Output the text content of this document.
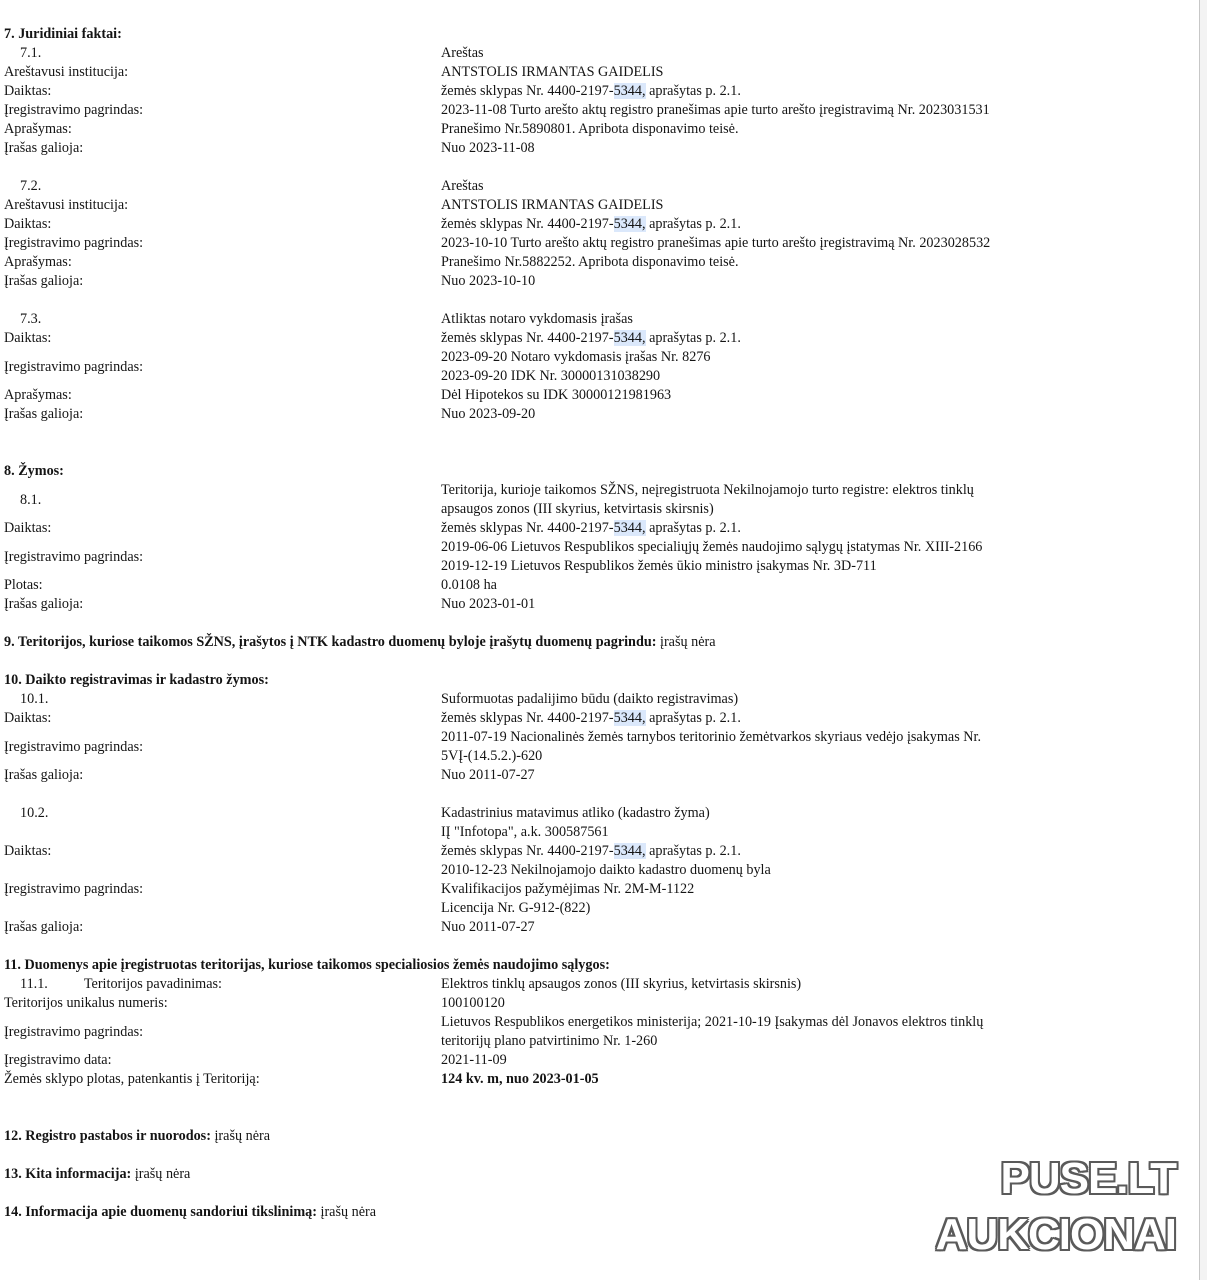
7. Juridiniai faktai:
7.1.	Areštas
Areštavusi institucija:	ANTSTOLIS IRMANTAS GAIDELIS
Daiktas:	žemės sklypas Nr. 4400-2197-5344, aprašytas p. 2.1.
Įregistravimo pagrindas:	2023-11-08 Turto arešto aktų registro pranešimas apie turto arešto įregistravimą Nr. 2023031531
Aprašymas:	Pranešimo Nr.5890801. Apribota disponavimo teisė.
Įrašas galioja:	Nuo 2023-11-08
7.2.	Areštas
Areštavusi institucija:	ANTSTOLIS IRMANTAS GAIDELIS
Daiktas:	žemės sklypas Nr. 4400-2197-5344, aprašytas p. 2.1.
Įregistravimo pagrindas:	2023-10-10 Turto arešto aktų registro pranešimas apie turto arešto įregistravimą Nr. 2023028532
Aprašymas:	Pranešimo Nr.5882252. Apribota disponavimo teisė.
Įrašas galioja:	Nuo 2023-10-10
7.3.	Atliktas notaro vykdomasis įrašas
Daiktas:	žemės sklypas Nr. 4400-2197-5344, aprašytas p. 2.1.
Įregistravimo pagrindas:
2023-09-20 Notaro vykdomasis įrašas Nr. 8276
2023-09-20 IDK Nr. 30000131038290
Aprašymas:	Dėl Hipotekos su IDK 30000121981963
Įrašas galioja:	Nuo 2023-09-20
8. Žymos:
8.1.
Teritorija, kurioje taikomos SŽNS, neįregistruota Nekilnojamojo turto registre: elektros tinklų
apsaugos zonos (III skyrius, ketvirtasis skirsnis)
Daiktas:	žemės sklypas Nr. 4400-2197-5344, aprašytas p. 2.1.
Įregistravimo pagrindas:
2019-06-06 Lietuvos Respublikos specialiųjų žemės naudojimo sąlygų įstatymas Nr. XIII-2166
2019-12-19 Lietuvos Respublikos žemės ūkio ministro įsakymas Nr. 3D-711
Plotas:	0.0108 ha
Įrašas galioja:	Nuo 2023-01-01
9. Teritorijos, kuriose taikomos SŽNS, įrašytos į NTK kadastro duomenų byloje įrašytų duomenų pagrindu: įrašų nėra
10. Daikto registravimas ir kadastro žymos:
10.1.	Suformuotas padalijimo būdu (daikto registravimas)
Daiktas:	žemės sklypas Nr. 4400-2197-5344, aprašytas p. 2.1.
Įregistravimo pagrindas:
2011-07-19 Nacionalinės žemės tarnybos teritorinio žemėtvarkos skyriaus vedėjo įsakymas Nr.
5VĮ-(14.5.2.)-620
Įrašas galioja:	Nuo 2011-07-27
10.2.	Kadastrinius matavimus atliko (kadastro žyma)
IĮ "Infotopa", a.k. 300587561
Daiktas:	žemės sklypas Nr. 4400-2197-5344, aprašytas p. 2.1.
Įregistravimo pagrindas:
2010-12-23 Nekilnojamojo daikto kadastro duomenų byla
Kvalifikacijos pažymėjimas Nr. 2M-M-1122
Licencija Nr. G-912-(822)
Įrašas galioja:	Nuo 2011-07-27
11. Duomenys apie įregistruotas teritorijas, kuriose taikomos specialiosios žemės naudojimo sąlygos:
11.1.	Teritorijos pavadinimas:	Elektros tinklų apsaugos zonos (III skyrius, ketvirtasis skirsnis)
Teritorijos unikalus numeris:	100100120
Įregistravimo pagrindas:
Lietuvos Respublikos energetikos ministerija; 2021-10-19 Įsakymas dėl Jonavos elektros tinklų
teritorijų plano patvirtinimo Nr. 1-260
Įregistravimo data:	2021-11-09
Žemės sklypo plotas, patenkantis į Teritoriją:	124 kv. m, nuo 2023-01-05
12. Registro pastabos ir nuorodos: įrašų nėra
13. Kita informacija: įrašų nėra
14. Informacija apie duomenų sandoriui tikslinimą: įrašų nėra
PUSE.LT
AUKCIONAI
